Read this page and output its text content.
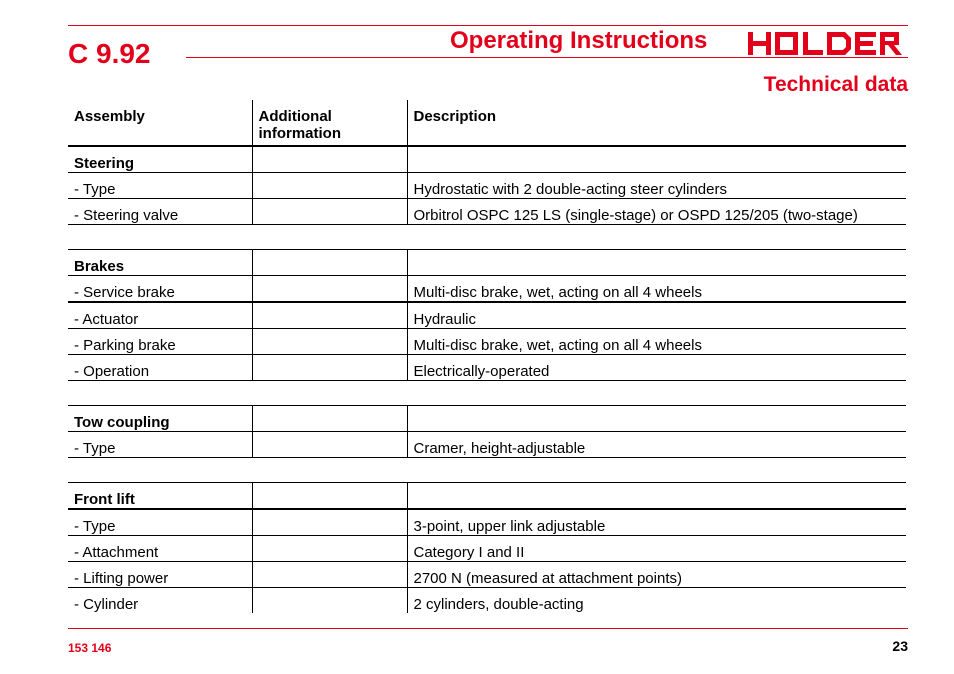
C 9.92	Operating Instructions
Technical data
Assembly	Additional information	Description
Steering		
- Type		Hydrostatic with 2 double-acting steer cylinders
- Steering valve		Orbitrol OSPC 125 LS (single-stage) or OSPD 125/205 (two-stage)

Brakes		
- Service brake		Multi-disc brake, wet, acting on all 4 wheels
- Actuator		Hydraulic
- Parking brake		Multi-disc brake, wet, acting on all 4 wheels
- Operation		Electrically-operated

Tow coupling		
- Type		Cramer, height-adjustable

Front lift		
- Type		3-point, upper link adjustable
- Attachment		Category I and II
- Lifting power		2700 N (measured at attachment points)
- Cylinder		2 cylinders, double-acting
153 146	23
